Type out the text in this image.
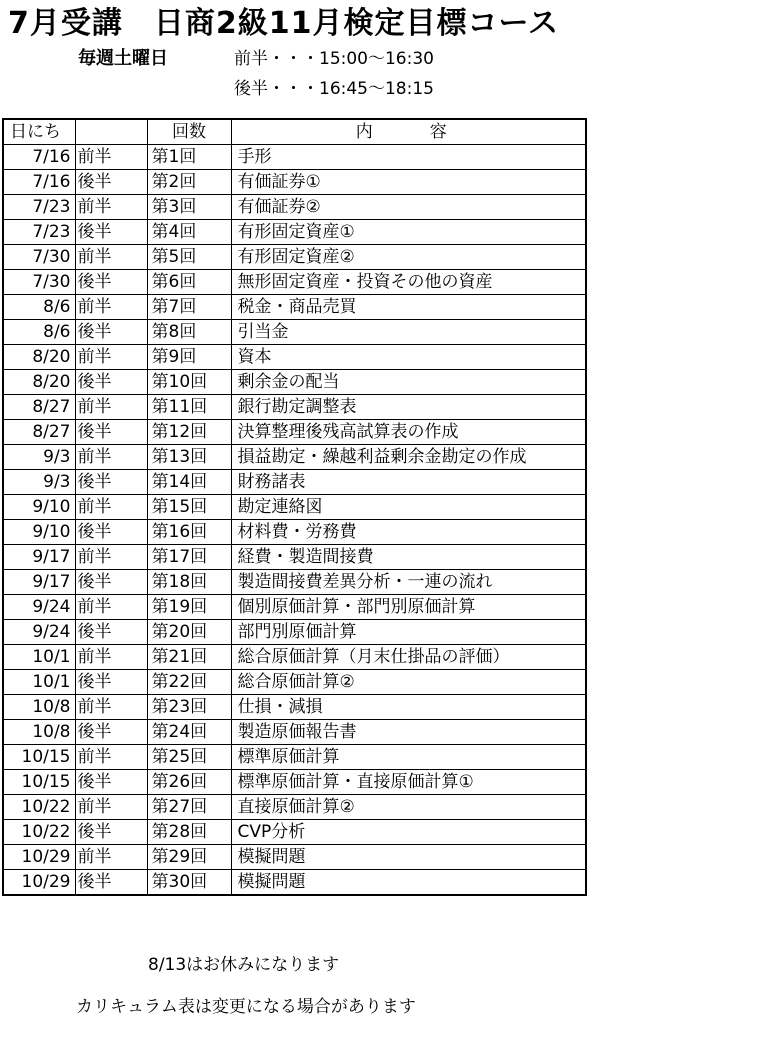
7月受講　日商2級11月検定目標コース
毎週土曜日	前半・・・15:00～16:30
後半・・・16:45～18:15
日にち		回数	内　容
7/16	前半	第1回	手形
7/16	後半	第2回	有価証券①
7/23	前半	第3回	有価証券②
7/23	後半	第4回	有形固定資産①
7/30	前半	第5回	有形固定資産②
7/30	後半	第6回	無形固定資産・投資その他の資産
8/6	前半	第7回	税金・商品売買
8/6	後半	第8回	引当金
8/20	前半	第9回	資本
8/20	後半	第10回	剰余金の配当
8/27	前半	第11回	銀行勘定調整表
8/27	後半	第12回	決算整理後残高試算表の作成
9/3	前半	第13回	損益勘定・繰越利益剰余金勘定の作成
9/3	後半	第14回	財務諸表
9/10	前半	第15回	勘定連絡図
9/10	後半	第16回	材料費・労務費
9/17	前半	第17回	経費・製造間接費
9/17	後半	第18回	製造間接費差異分析・一連の流れ
9/24	前半	第19回	個別原価計算・部門別原価計算
9/24	後半	第20回	部門別原価計算
10/1	前半	第21回	総合原価計算（月末仕掛品の評価）
10/1	後半	第22回	総合原価計算②
10/8	前半	第23回	仕損・減損
10/8	後半	第24回	製造原価報告書
10/15	前半	第25回	標準原価計算
10/15	後半	第26回	標準原価計算・直接原価計算①
10/22	前半	第27回	直接原価計算②
10/22	後半	第28回	CVP分析
10/29	前半	第29回	模擬問題
10/29	後半	第30回	模擬問題
8/13はお休みになります
カリキュラム表は変更になる場合があります
